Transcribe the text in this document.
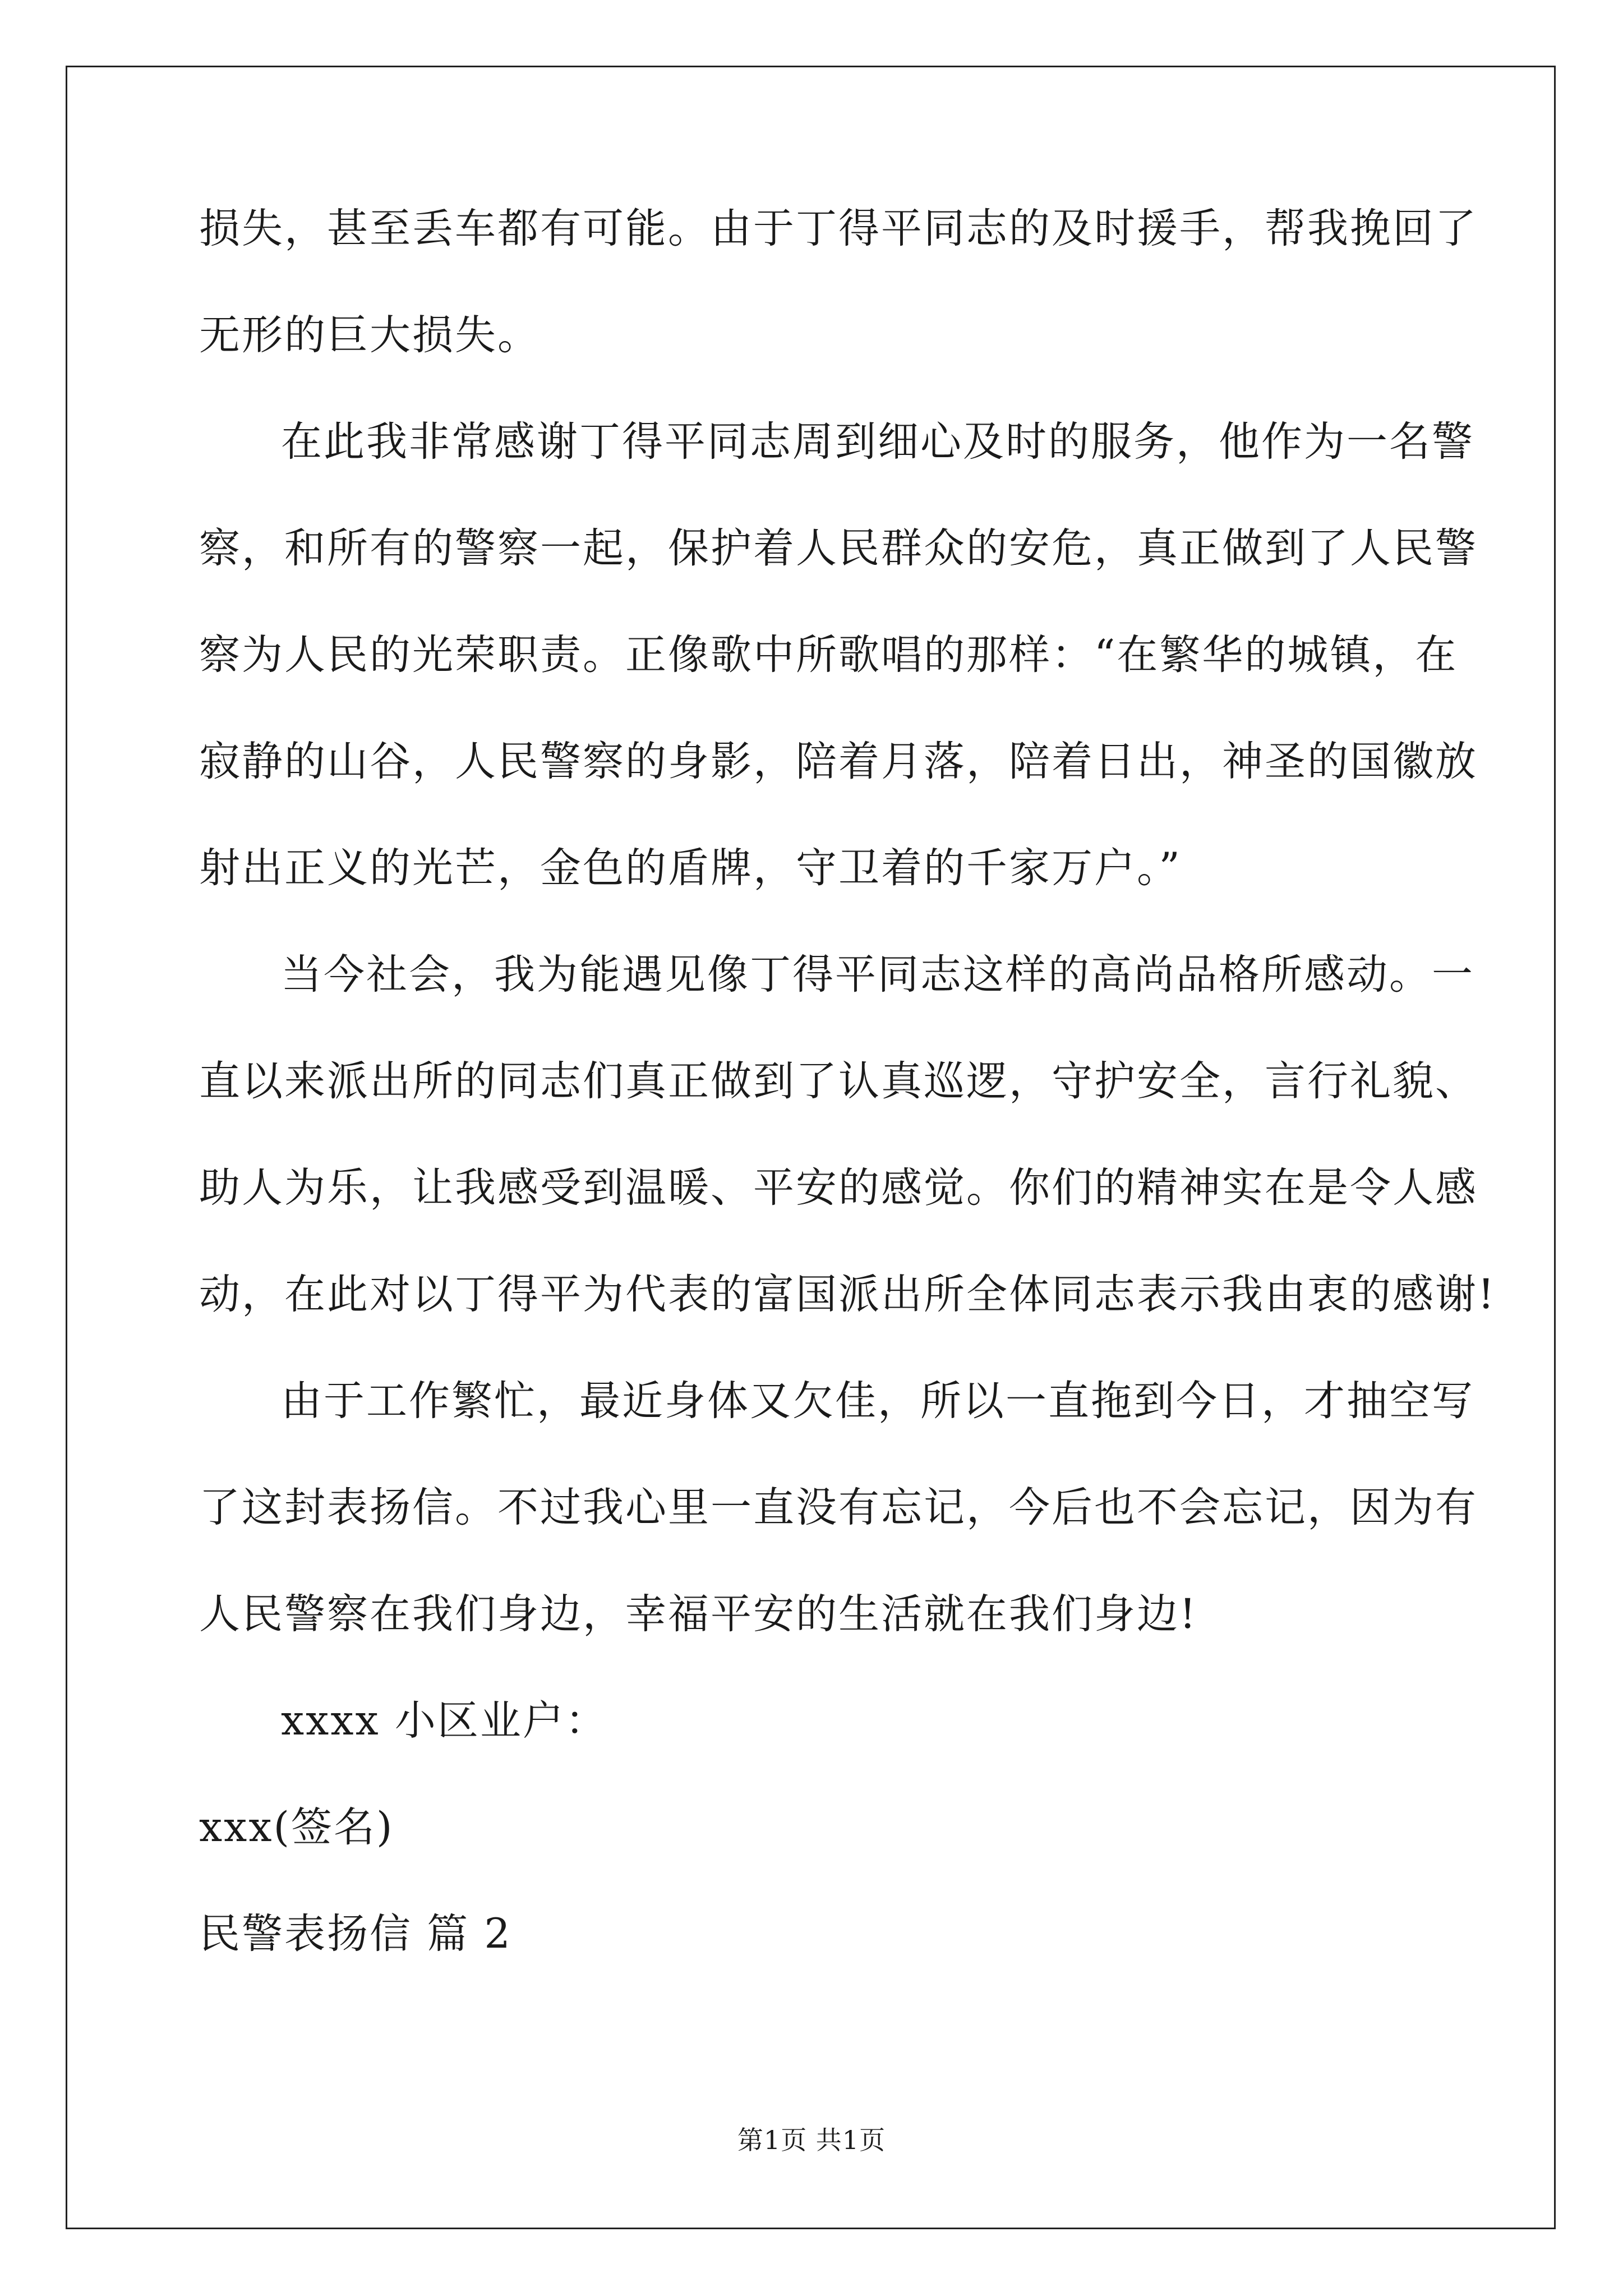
损失，甚至丢车都有可能。由于丁得平同志的及时援手，帮我挽回了
无形的巨大损失。
在此我非常感谢丁得平同志周到细心及时的服务，他作为一名警
察，和所有的警察一起，保护着人民群众的安危，真正做到了人民警
察为人民的光荣职责。正像歌中所歌唱的那样：“在繁华的城镇，在
寂静的山谷，人民警察的身影，陪着月落，陪着日出，神圣的国徽放
射出正义的光芒，金色的盾牌，守卫着的千家万户。”
当今社会，我为能遇见像丁得平同志这样的高尚品格所感动。一
直以来派出所的同志们真正做到了认真巡逻，守护安全，言行礼貌、
助人为乐，让我感受到温暖、平安的感觉。你们的精神实在是令人感
动，在此对以丁得平为代表的富国派出所全体同志表示我由衷的感谢!
由于工作繁忙，最近身体又欠佳，所以一直拖到今日，才抽空写
了这封表扬信。不过我心里一直没有忘记，今后也不会忘记，因为有
人民警察在我们身边，幸福平安的生活就在我们身边!
xxxx 小区业户：
xxx(签名)
民警表扬信 篇 2
第1页 共1页
